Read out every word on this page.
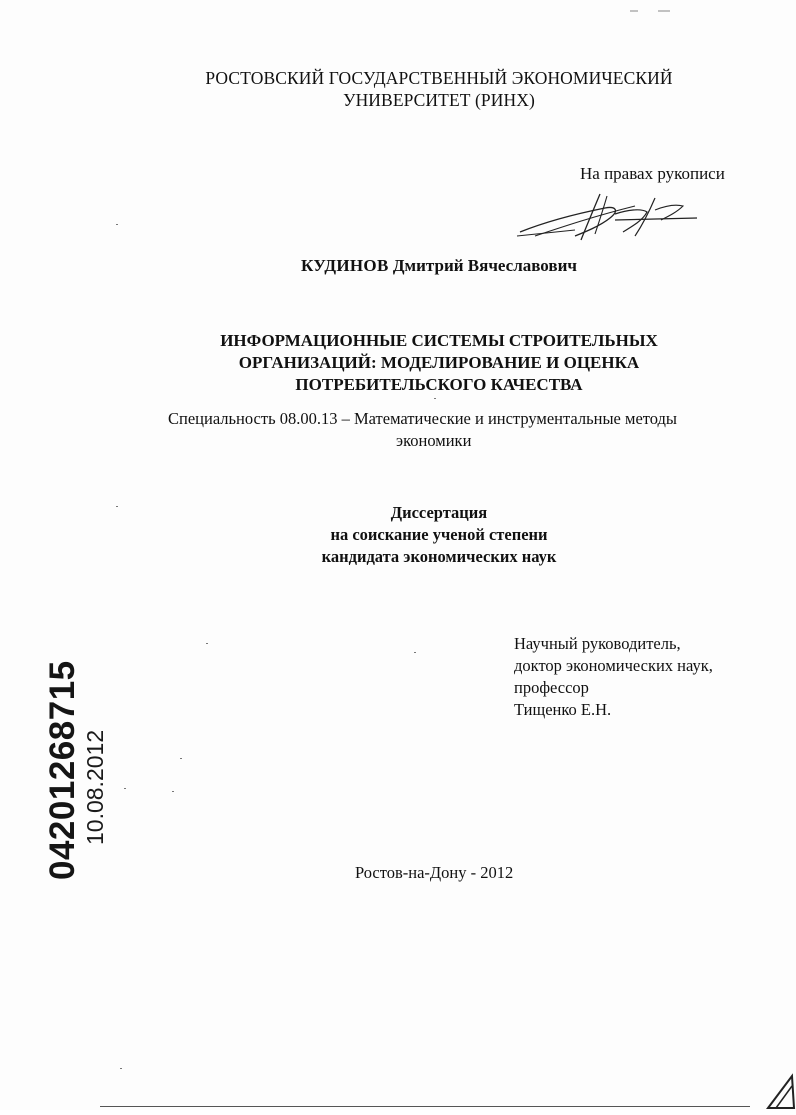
РОСТОВСКИЙ ГОСУДАРСТВЕННЫЙ ЭКОНОМИЧЕСКИЙ
УНИВЕРСИТЕТ (РИНХ)
На правах рукописи
КУДИНОВ Дмитрий Вячеславович
ИНФОРМАЦИОННЫЕ СИСТЕМЫ СТРОИТЕЛЬНЫХ
ОРГАНИЗАЦИЙ: МОДЕЛИРОВАНИЕ И ОЦЕНКА
ПОТРЕБИТЕЛЬСКОГО КАЧЕСТВА
Специальность 08.00.13 – Математические и инструментальные методы
экономики
Диссертация
на соискание ученой степени
кандидата экономических наук
Научный руководитель,
доктор экономических наук,
профессор
Тищенко Е.Н.
04201268715 10.08.2012
Ростов-на-Дону - 2012
